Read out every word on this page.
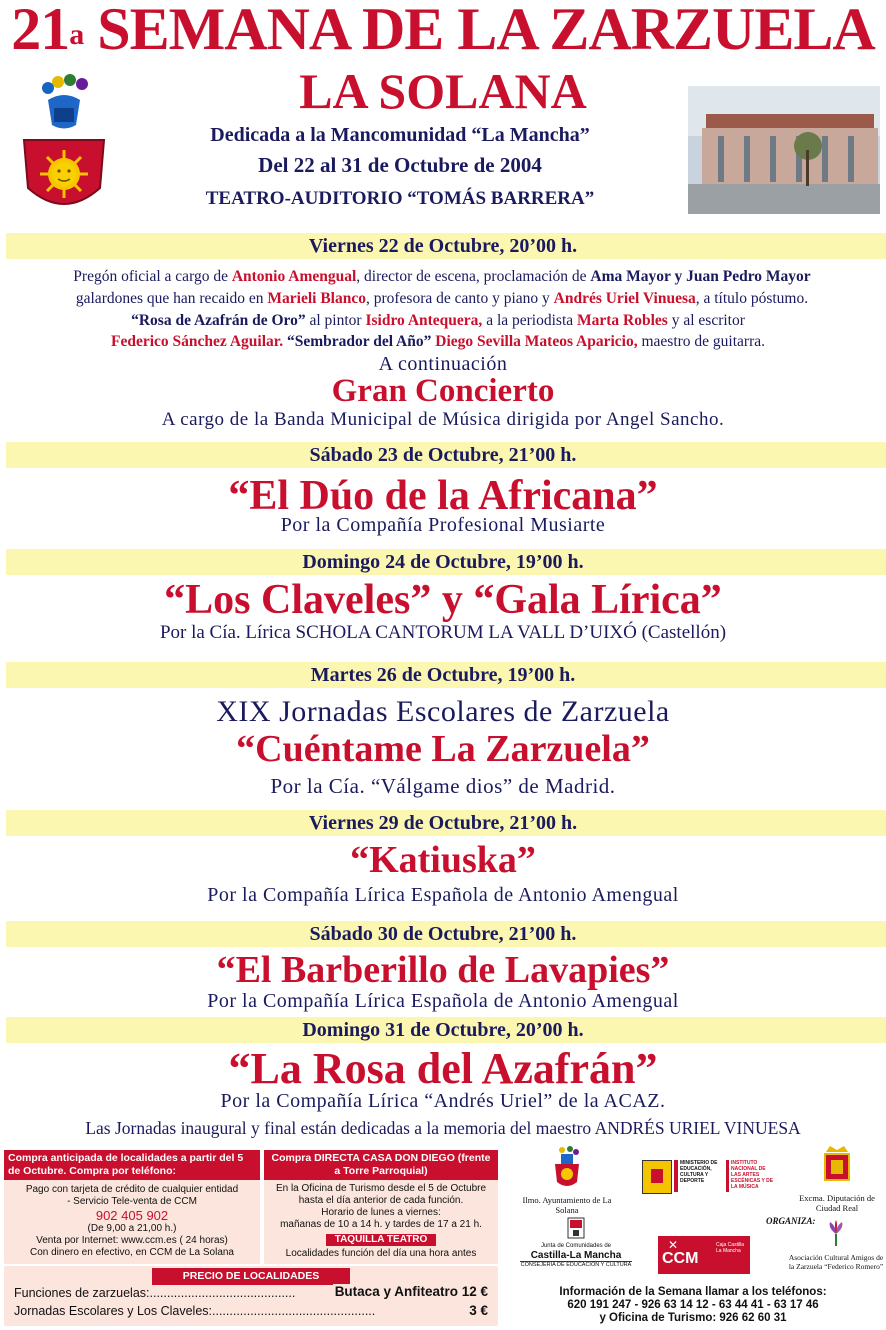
21$^a$ SEMANA DE LA ZARZUELA
LA SOLANA
Dedicada a la Mancomunidad “La Mancha”
Del 22 al 31 de Octubre de 2004
TEATRO-AUDITORIO “TOMÁS BARRERA”
Viernes 22 de Octubre, 20’00 h.
Pregón oficial a cargo de Antonio Amengual, director de escena, proclamación de Ama Mayor y Juan Pedro Mayor
galardones que han recaido en Marieli Blanco, profesora de canto y piano y Andrés Uriel Vinuesa, a título póstumo.
“Rosa de Azafrán de Oro” al pintor Isidro Antequera, a la periodista Marta Robles y al escritor
Federico Sánchez Aguilar. “Sembrador del Año” Diego Sevilla Mateos Aparicio, maestro de guitarra.
A continuación
Gran Concierto
A cargo de la Banda Municipal de Música dirigida por Angel Sancho.
Sábado 23 de Octubre, 21’00 h.
“El Dúo de la Africana”
Por la Compañía Profesional Musiarte
Domingo 24 de Octubre, 19’00 h.
“Los Claveles” y “Gala Lírica”
Por la Cía. Lírica SCHOLA CANTORUM LA VALL D’UIXÓ (Castellón)
Martes 26 de Octubre, 19’00 h.
XIX Jornadas Escolares de Zarzuela
“Cuéntame La Zarzuela”
Por la Cía. “Válgame dios” de Madrid.
Viernes 29 de Octubre, 21’00 h.
“Katiuska”
Por la Compañía Lírica Española de Antonio Amengual
Sábado 30 de Octubre, 21’00 h.
“El Barberillo de Lavapies”
Por la Compañía Lírica Española de Antonio Amengual
Domingo 31 de Octubre, 20’00 h.
“La Rosa del Azafrán”
Por la Compañía Lírica “Andrés Uriel” de la ACAZ.
Las Jornadas inaugural y final están dedicadas a la memoria del maestro ANDRÉS URIEL VINUESA
Compra anticipada de localidades a partir del 5 de Octubre. Compra por teléfono:
Pago con tarjeta de crédito de cualquier entidad
- Servicio Tele-venta de CCM
902 405 902
(De 9,00 a 21,00 h.)
Venta por Internet: www.ccm.es ( 24 horas)
Con dinero en efectivo, en CCM de La Solana
Compra DIRECTA CASA DON DIEGO (frente a Torre Parroquial)
En la Oficina de Turismo desde el 5 de Octubre
hasta el día anterior de cada función.
Horario de lunes a viernes:
mañanas de 10 a 14 h. y tardes de 17 a 21 h.
TAQUILLA TEATRO
Localidades función del día una hora antes
PRECIO DE LOCALIDADES
Funciones de zarzuelas:..........................................	Butaca y Anfiteatro 12 €
Jornadas Escolares y Los Claveles:...............................................	3 €
Ilmo. Ayuntamiento de La Solana
MINISTERIO DE EDUCACIÓN, CULTURA Y DEPORTE
INSTITUTO NACIONAL DE LAS ARTES ESCÉNICAS Y DE LA MÚSICA
Excma. Diputación de Ciudad Real
ORGANIZA:
Junta de Comunidades de
Castilla-La Mancha
CONSEJERÍA DE EDUCACIÓN Y CULTURA CCM
✕	Caja Castilla La Mancha
Asociación Cultural Amigos de la Zarzuela “Federico Romero”
Información de la Semana llamar a los teléfonos:
620 191 247 - 926 63 14 12 - 63 44 41 - 63 17 46
y Oficina de Turismo: 926 62 60 31
